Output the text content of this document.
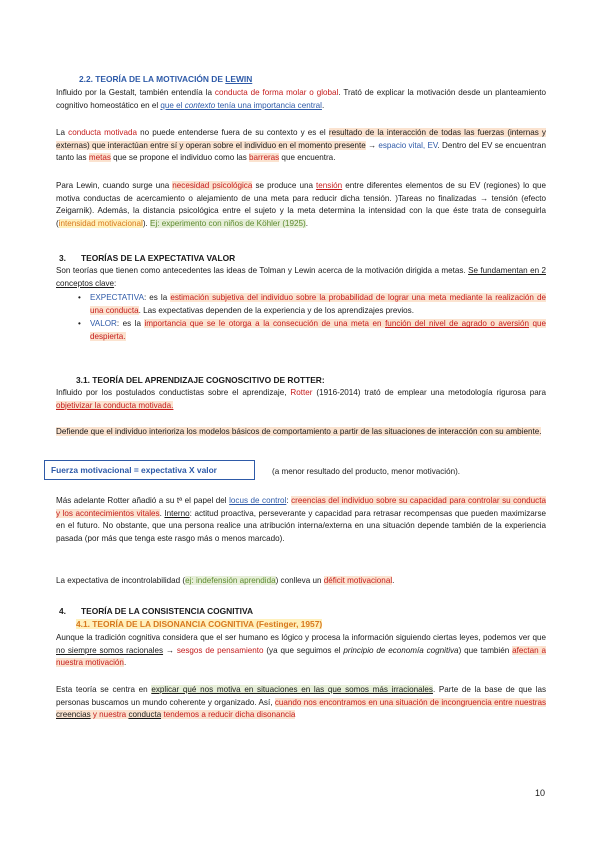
2.2. TEORÍA DE LA MOTIVACIÓN DE LEWIN
Influido por la Gestalt, también entendía la conducta de forma molar o global. Trató de explicar la motivación desde un planteamiento cognitivo homeostático en el que el contexto tenía una importancia central.
La conducta motivada no puede entenderse fuera de su contexto y es el resultado de la interacción de todas las fuerzas (internas y externas) que interactúan entre sí y operan sobre el individuo en el momento presente → espacio vital, EV. Dentro del EV se encuentran tanto las metas que se propone el individuo como las barreras que encuentra.
Para Lewin, cuando surge una necesidad psicológica se produce una tensión entre diferentes elementos de su EV (regiones) lo que motiva conductas de acercamiento o alejamiento de una meta para reducir dicha tensión. )Tareas no finalizadas → tensión (efecto Zeigarnik). Además, la distancia psicológica entre el sujeto y la meta determina la intensidad con la que éste trata de conseguirla (intensidad motivacional). Ej: experimento con niños de Köhler (1925).
3. TEORÍAS DE LA EXPECTATIVA VALOR
Son teorías que tienen como antecedentes las ideas de Tolman y Lewin acerca de la motivación dirigida a metas. Se fundamentan en 2 conceptos clave:
• EXPECTATIVA: es la estimación subjetiva del individuo sobre la probabilidad de lograr una meta mediante la realización de una conducta. Las expectativas dependen de la experiencia y de los aprendizajes previos.
• VALOR: es la importancia que se le otorga a la consecución de una meta en función del nivel de agrado o aversión que despierta.
3.1. TEORÍA DEL APRENDIZAJE COGNOSCITIVO DE ROTTER:
Influido por los postulados conductistas sobre el aprendizaje, Rotter (1916-2014) trató de emplear una metodología rigurosa para objetivizar la conducta motivada.
Defiende que el individuo interioriza los modelos básicos de comportamiento a partir de las situaciones de interacción con su ambiente.
Fuerza motivacional = expectativa X valor	(a menor resultado del producto, menor motivación).
Más adelante Rotter añadió a su tª el papel del locus de control: creencias del individuo sobre su capacidad para controlar su conducta y los acontecimientos vitales. Interno: actitud proactiva, perseverante y capacidad para retrasar recompensas que pueden maximizarse en el futuro. No obstante, que una persona realice una atribución interna/externa en una situación depende también de la experiencia pasada (por más que tenga este rasgo más o menos marcado).
La expectativa de incontrolabilidad (ej: indefensión aprendida) conlleva un déficit motivacional.
4. TEORÍA DE LA CONSISTENCIA COGNITIVA
4.1. TEORÍA DE LA DISONANCIA COGNITIVA (Festinger, 1957)
Aunque la tradición cognitiva considera que el ser humano es lógico y procesa la información siguiendo ciertas leyes, podemos ver que no siempre somos racionales → sesgos de pensamiento (ya que seguimos el principio de economía cognitiva) que también afectan a nuestra motivación.
Esta teoría se centra en explicar qué nos motiva en situaciones en las que somos más irracionales. Parte de la base de que las personas buscamos un mundo coherente y organizado. Así, cuando nos encontramos en una situación de incongruencia entre nuestras creencias y nuestra conducta tendemos a reducir dicha disonancia
10
